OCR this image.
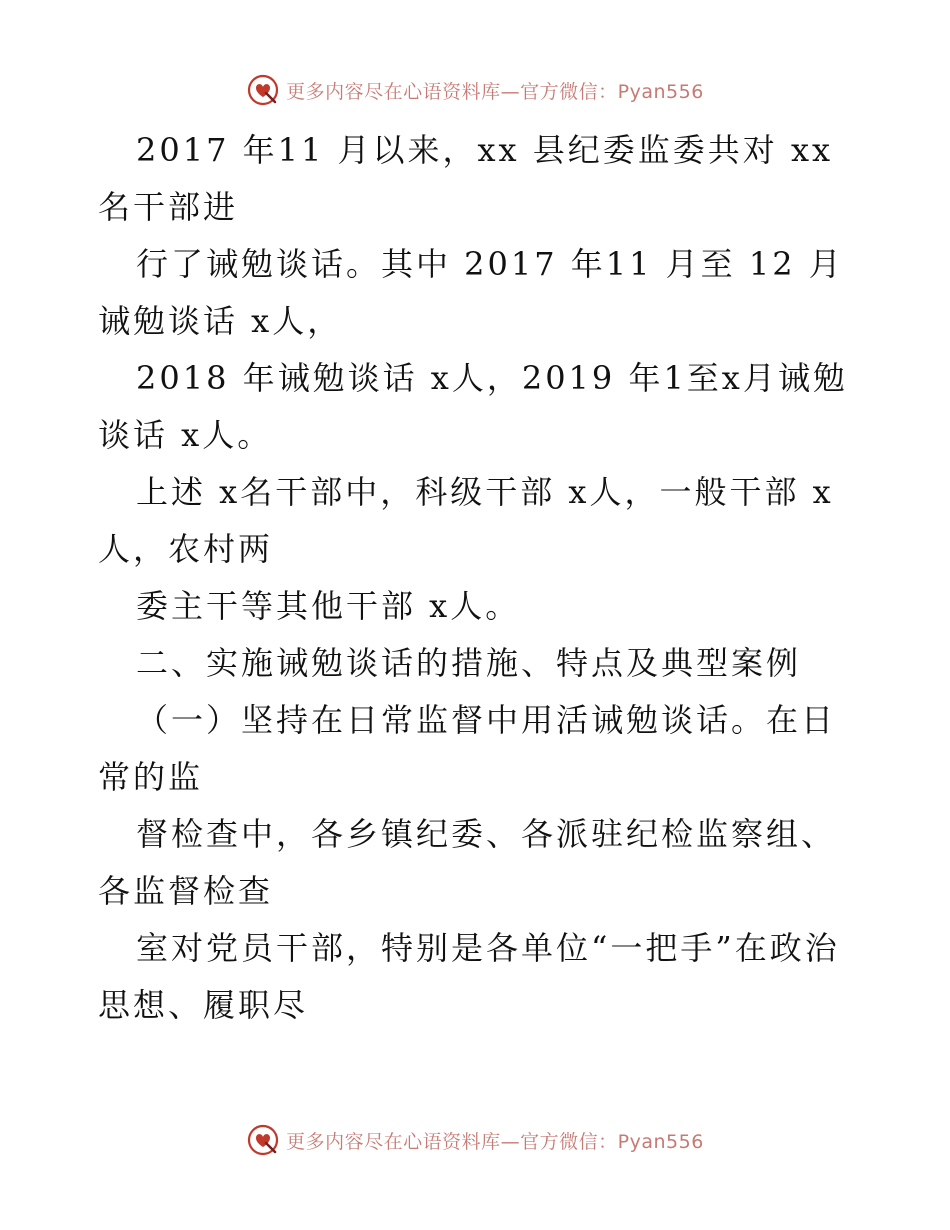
更多内容尽在心语资料库—官方微信：Pyan556

2017 年11 月以来，xx 县纪委监委共对 xx 名干部进

行了诫勉谈话。其中 2017 年11 月至 12 月诫勉谈话 x人，

2018 年诫勉谈话 x人，2019 年1至x月诫勉谈话 x人。

上述 x名干部中，科级干部 x人，一般干部 x人，农村两

委主干等其他干部 x人。

二、实施诫勉谈话的措施、特点及典型案例

（一）坚持在日常监督中用活诫勉谈话。在日常的监

督检查中，各乡镇纪委、各派驻纪检监察组、各监督检查

室对党员干部，特别是各单位“一把手”在政治思想、履职尽

更多内容尽在心语资料库—官方微信：Pyan556
